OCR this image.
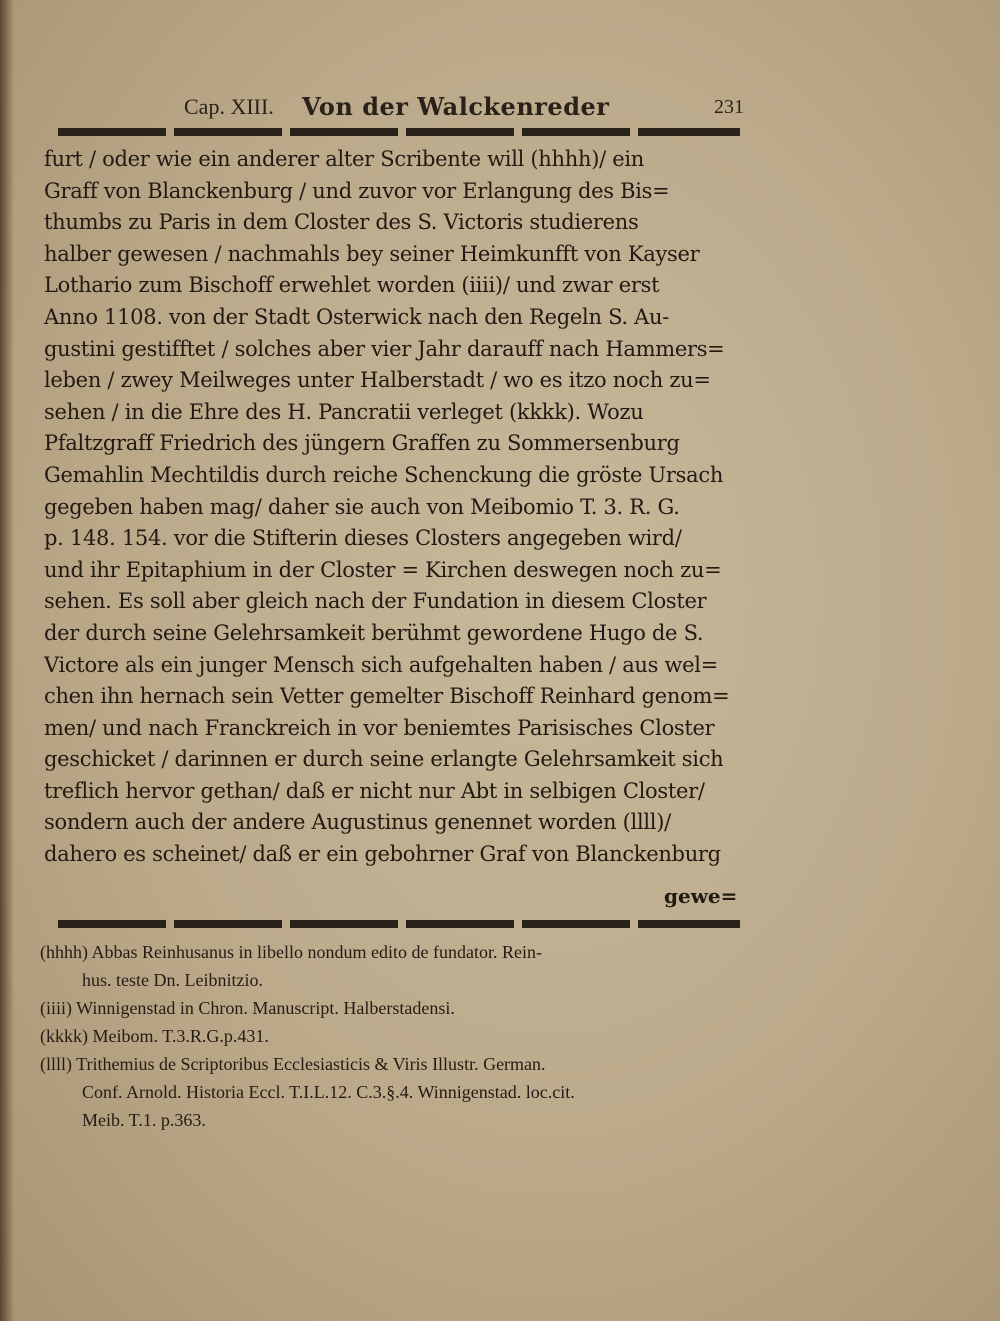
Cap. XIII. Von der Walckenreder	231
furt / oder wie ein anderer alter Scribente will (hhhh)/ ein
Graff von Blanckenburg / und zuvor vor Erlangung des Bis=
thumbs zu Paris in dem Closter des S. Victoris studierens
halber gewesen / nachmahls bey seiner Heimkunfft von Kayser
Lothario zum Bischoff erwehlet worden (iiii)/ und zwar erst
Anno 1108. von der Stadt Osterwick nach den Regeln S. Au-
gustini gestifftet / solches aber vier Jahr darauff nach Hammers=
leben / zwey Meilweges unter Halberstadt / wo es itzo noch zu=
sehen / in die Ehre des H. Pancratii verleget (kkkk). Wozu
Pfaltzgraff Friedrich des jüngern Graffen zu Sommersenburg
Gemahlin Mechtildis durch reiche Schenckung die gröste Ursach
gegeben haben mag/ daher sie auch von Meibomio T. 3. R. G.
p. 148. 154. vor die Stifterin dieses Closters angegeben wird/
und ihr Epitaphium in der Closter = Kirchen deswegen noch zu=
sehen. Es soll aber gleich nach der Fundation in diesem Closter
der durch seine Gelehrsamkeit berühmt gewordene Hugo de S.
Victore als ein junger Mensch sich aufgehalten haben / aus wel=
chen ihn hernach sein Vetter gemelter Bischoff Reinhard genom=
men/ und nach Franckreich in vor beniemtes Parisisches Closter
geschicket / darinnen er durch seine erlangte Gelehrsamkeit sich
treflich hervor gethan/ daß er nicht nur Abt in selbigen Closter/
sondern auch der andere Augustinus genennet worden (llll)/
dahero es scheinet/ daß er ein gebohrner Graf von Blanckenburg
gewe=
(hhhh) Abbas Reinhusanus in libello nondum edito de fundator. Rein-
hus. teste Dn. Leibnitzio.
(iiii) Winnigenstad in Chron. Manuscript. Halberstadensi.
(kkkk) Meibom. T.3.R.G.p.431.
(llll) Trithemius de Scriptoribus Ecclesiasticis & Viris Illustr. German.
Conf. Arnold. Historia Eccl. T.I.L.12. C.3.§.4. Winnigenstad. loc.cit.
Meib. T.1. p.363.
